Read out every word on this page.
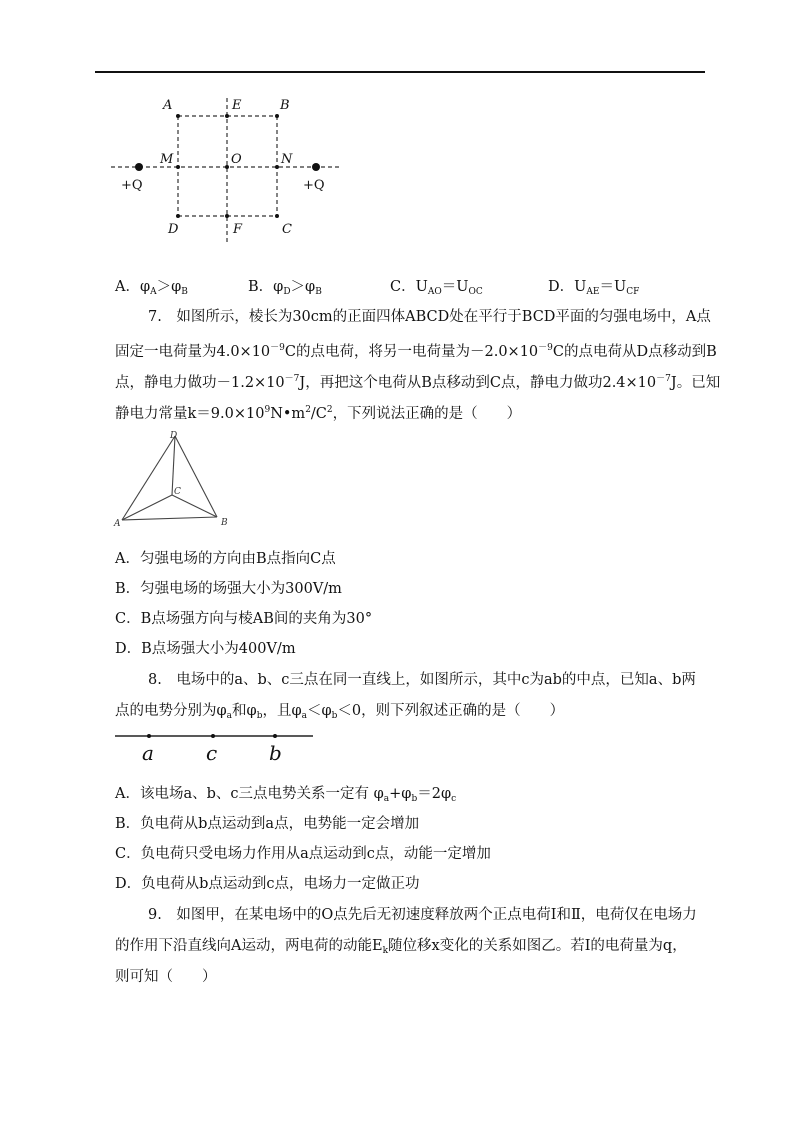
A	E	B
M	O	N
D	F	C
+Q	+Q
A．$\varphi_A>\varphi_B$	B．$\varphi_D>\varphi_B$	C．$U_{AO}=U_{OC}$	D．$U_{AE}=U_{CF}$
7.　如图所示，棱长为30cm的正面四体ABCD处在平行于BCD平面的匀强电场中，A点
固定一电荷量为$4.0\times 10^{-9}C$的点电荷，将另一电荷量为$-2.0\times 10^{-9}C$的点电荷从D点移动到B
点，静电力做功$-1.2\times 10^{-7}J$，再把这个电荷从B点移动到C点，静电力做功$2.4\times 10^{-7}J$。已知
静电力常量$k=9.0\times 10^9N•m^2/C^2$，下列说法正确的是（　　）
D
A	B
C
A．匀强电场的方向由B点指向C点
B．匀强电场的场强大小为300V/m
C．B点场强方向与棱AB间的夹角为30°
D．B点场强大小为400V/m
8.　电场中的a、b、c三点在同一直线上，如图所示，其中c为ab的中点，已知a、b两
点的电势分别为$\varphi_a$和$\varphi_b$，且$\varphi_a<\varphi_b<0$，则下列叙述正确的是（　　）
a	c	b
A．该电场a、b、c三点电势关系一定有 $\varphi_a+\varphi_b=2\varphi_c$
B．负电荷从b点运动到a点，电势能一定会增加
C．负电荷只受电场力作用从a点运动到c点，动能一定增加
D．负电荷从b点运动到c点，电场力一定做正功
9.　如图甲，在某电场中的O点先后无初速度释放两个正点电荷Ⅰ和Ⅱ，电荷仅在电场力
的作用下沿直线向A运动，两电荷的动能$E_k$随位移x变化的关系如图乙。若Ⅰ的电荷量为q，
则可知（　　）
